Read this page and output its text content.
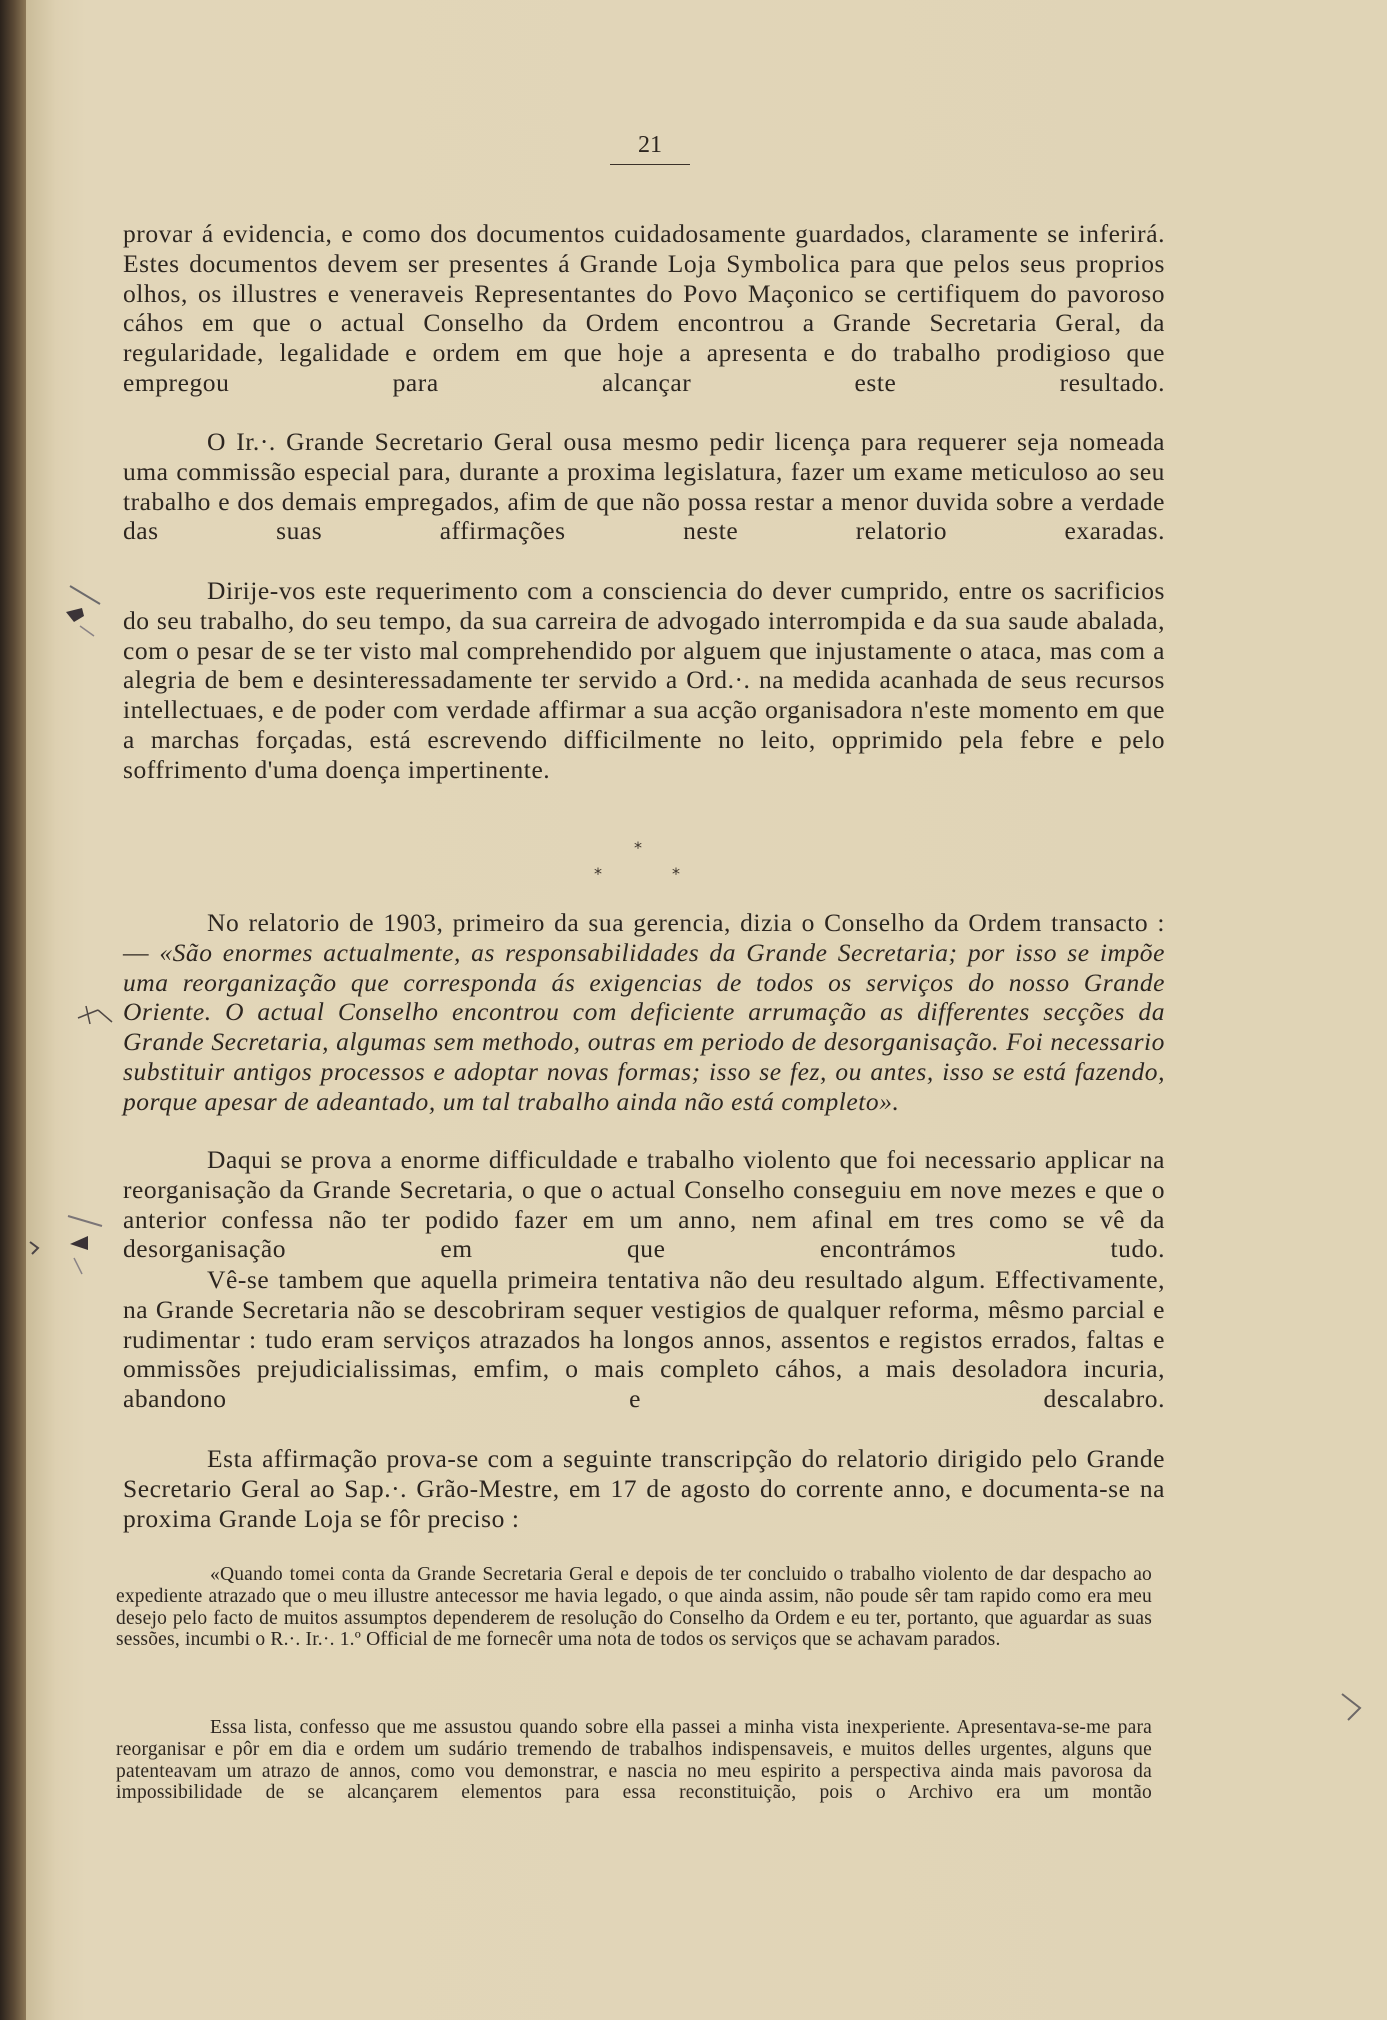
21

provar á evidencia, e como dos documentos cuidadosamente guardados, claramente se inferirá. Estes documentos devem ser presentes á Grande Loja Symbolica para que pelos seus proprios olhos, os illustres e veneraveis Representantes do Povo Maçonico se certifiquem do pavoroso cáhos em que o actual Conselho da Ordem encontrou a Grande Secretaria Geral, da regularidade, legalidade e ordem em que hoje a apresenta e do trabalho prodigioso que empregou para alcançar este resultado.

O Ir.·. Grande Secretario Geral ousa mesmo pedir licença para requerer seja nomeada uma commissão especial para, durante a proxima legislatura, fazer um exame meticuloso ao seu trabalho e dos demais empregados, afim de que não possa restar a menor duvida sobre a verdade das suas affirmações neste relatorio exaradas.

Dirije-vos este requerimento com a consciencia do dever cumprido, entre os sacrificios do seu trabalho, do seu tempo, da sua carreira de advogado interrompida e da sua saude abalada, com o pesar de se ter visto mal comprehendido por alguem que injustamente o ataca, mas com a alegria de bem e desinteressadamente ter servido a Ord.·. na medida acanhada de seus recursos intellectuaes, e de poder com verdade affirmar a sua acção organisadora n'este momento em que a marchas forçadas, está escrevendo difficilmente no leito, opprimido pela febre e pelo soffrimento d'uma doença impertinente.

*
*	*

No relatorio de 1903, primeiro da sua gerencia, dizia o Conselho da Ordem transacto : — «São enormes actualmente, as responsabilidades da Grande Secretaria; por isso se impõe uma reorganização que corresponda ás exigencias de todos os serviços do nosso Grande Oriente. O actual Conselho encontrou com deficiente arrumação as differentes secções da Grande Secretaria, algumas sem methodo, outras em periodo de desorganisação. Foi necessario substituir antigos processos e adoptar novas formas; isso se fez, ou antes, isso se está fazendo, porque apesar de adeantado, um tal trabalho ainda não está completo».

Daqui se prova a enorme difficuldade e trabalho violento que foi necessario applicar na reorganisação da Grande Secretaria, o que o actual Conselho conseguiu em nove mezes e que o anterior confessa não ter podido fazer em um anno, nem afinal em tres como se vê da desorganisação em que encontrámos tudo.

Vê-se tambem que aquella primeira tentativa não deu resultado algum. Effectivamente, na Grande Secretaria não se descobriram sequer vestigios de qualquer reforma, mêsmo parcial e rudimentar : tudo eram serviços atrazados ha longos annos, assentos e registos errados, faltas e ommissões prejudicialissimas, emfim, o mais completo cáhos, a mais desoladora incuria, abandono e descalabro.

Esta affirmação prova-se com a seguinte transcripção do relatorio dirigido pelo Grande Secretario Geral ao Sap.·. Grão-Mestre, em 17 de agosto do corrente anno, e documenta-se na proxima Grande Loja se fôr preciso :

«Quando tomei conta da Grande Secretaria Geral e depois de ter concluido o trabalho violento de dar despacho ao expediente atrazado que o meu illustre antecessor me havia legado, o que ainda assim, não poude sêr tam rapido como era meu desejo pelo facto de muitos assumptos dependerem de resolução do Conselho da Ordem e eu ter, portanto, que aguardar as suas sessões, incumbi o R.·. Ir.·. 1.º Official de me fornecêr uma nota de todos os serviços que se achavam parados.

Essa lista, confesso que me assustou quando sobre ella passei a minha vista inexperiente. Apresentava-se-me para reorganisar e pôr em dia e ordem um sudário tremendo de trabalhos indispensaveis, e muitos delles urgentes, alguns que patenteavam um atrazo de annos, como vou demonstrar, e nascia no meu espirito a perspectiva ainda mais pavorosa da impossibilidade de se alcançarem elementos para essa reconstituição, pois o Archivo era um montão
